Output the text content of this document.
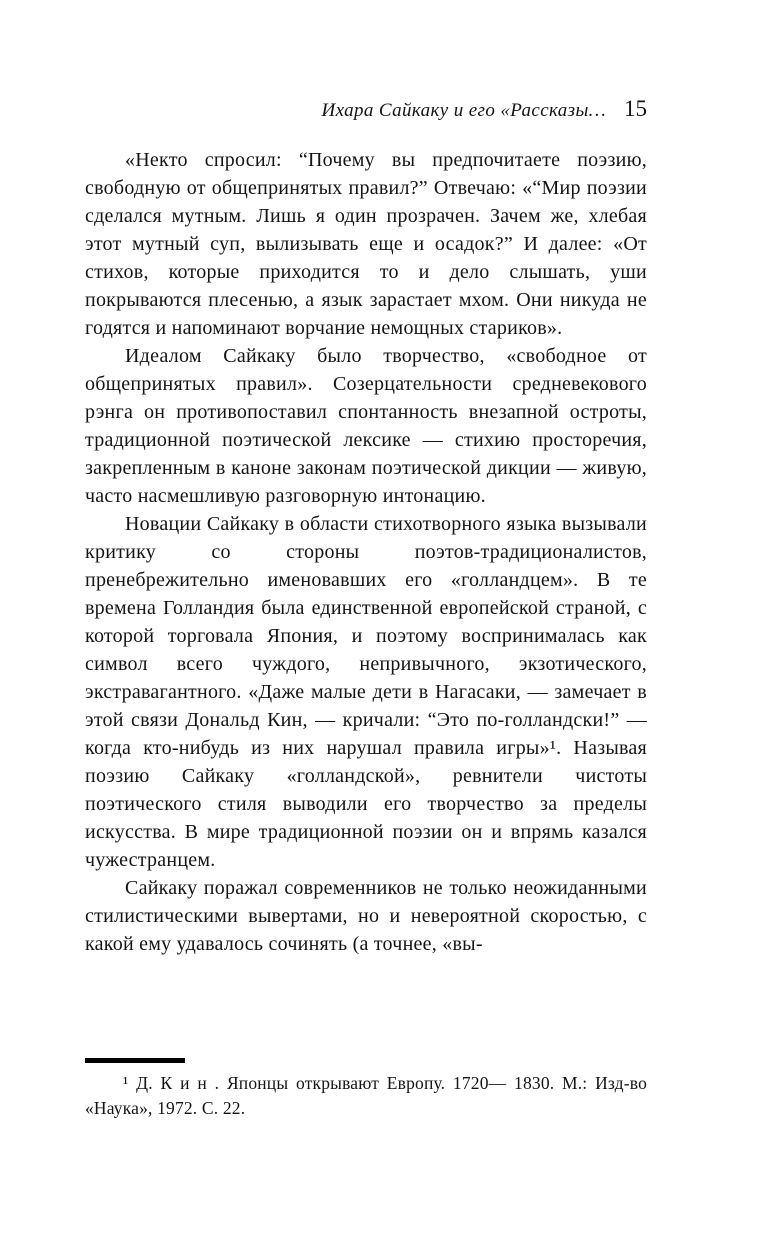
Ихара Сайкаку и его «Рассказы… 15

«Некто спросил: “Почему вы предпочитаете поэзию, свободную от общепринятых правил?” Отвечаю: «“Мир поэзии сделался мутным. Лишь я один прозрачен. Зачем же, хлебая этот мутный суп, вылизывать еще и осадок?” И далее: «От стихов, которые приходится то и дело слышать, уши покрываются плесенью, а язык зарастает мхом. Они никуда не годятся и напоминают ворчание немощных стариков».

Идеалом Сайкаку было творчество, «свободное от общепринятых правил». Созерцательности средневекового рэнга он противопоставил спонтанность внезапной остроты, традиционной поэтической лексике — стихию просторечия, закрепленным в каноне законам поэтической дикции — живую, часто насмешливую разговорную интонацию.

Новации Сайкаку в области стихотворного языка вызывали критику со стороны поэтов-традиционалистов, пренебрежительно именовавших его «голландцем». В те времена Голландия была единственной европейской страной, с которой торговала Япония, и поэтому воспринималась как символ всего чуждого, непривычного, экзотического, экстравагантного. «Даже малые дети в Нагасаки, — замечает в этой связи Дональд Кин, — кричали: “Это по-голландски!” — когда кто-нибудь из них нарушал правила игры»¹. Называя поэзию Сайкаку «голландской», ревнители чистоты поэтического стиля выводили его творчество за пределы искусства. В мире традиционной поэзии он и впрямь казался чужестранцем.

Сайкаку поражал современников не только неожиданными стилистическими вывертами, но и невероятной скоростью, с какой ему удавалось сочинять (а точнее, «вы-

¹ Д. К и н . Японцы открывают Европу. 1720— 1830. М.: Изд-во «Наука», 1972. С. 22.
